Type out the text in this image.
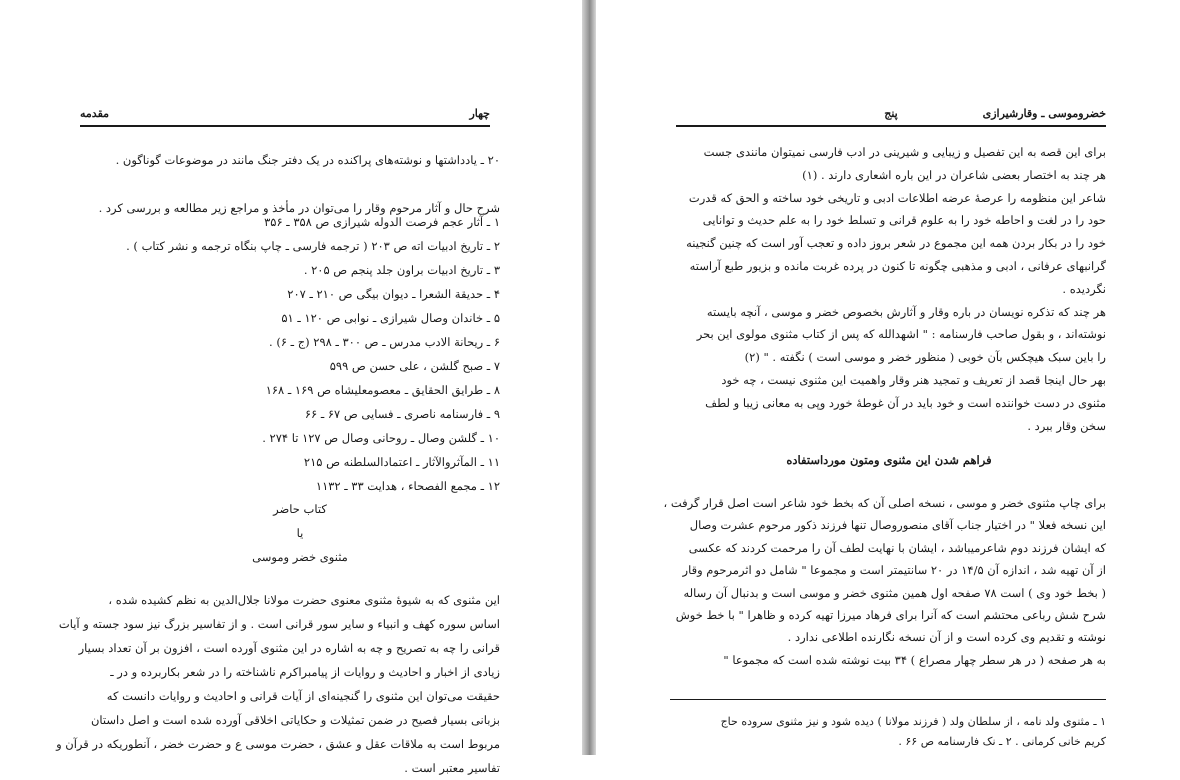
مقدمه	چهار
۲۰ ـ یادداشتها و نوشته‌های پراکنده در یک دفتر جنگ مانند در موضوعات گوناگون .
شرح حال و آثار مرحوم وقار را می‌توان در مأخذ و مراجع زیر مطالعه و بررسی کرد .
۱ ـ آثار عجم فرصت الدوله شیرازی ص ۳۵۸ ـ ۳۵۶
۲ ـ تاریخ ادبیات اته ص ۲۰۳ ( ترجمه فارسی ـ چاپ بنگاه ترجمه و نشر کتاب ) .
۳ ـ تاریخ ادبیات براون جلد پنجم ص ۲۰۵ .
۴ ـ حدیقة الشعرا ـ دیوان بیگی ص ۲۱۰ ـ ۲۰۷
۵ ـ خاندان وصال شیرازی ـ نوابی ص ۱۲۰ ـ ۵۱
۶ ـ ریحانة الادب مدرس ـ ص ۳۰۰ ـ ۲۹۸ (ج ـ ۶) .
۷ ـ صبح گلشن ، علی حسن ص ۵۹۹
۸ ـ طرایق الحقایق ـ معصومعلیشاه ص ۱۶۹ ـ ۱۶۸
۹ ـ فارسنامه ناصری ـ فسایی ص ۶۷ ـ ۶۶
۱۰ ـ گلشن وصال ـ روحانی وصال ص ۱۲۷ تا ۲۷۴ .
۱۱ ـ المآثروالآثار ـ اعتمادالسلطنه ص ۲۱۵
۱۲ ـ مجمع الفصحاء ، هدایت ۳۳ ـ ۱۱۳۲
کتاب حاضر
یا
مثنوی خضر وموسی
این مثنوی که به شیوهٔ مثنوی معنوی حضرت مولانا جلال‌الدین به نظم کشیده شده ،
اساس سوره کهف و انبیاء و سایر سور قرانی است . و از تفاسیر بزرگ نیز سود جسته و آیات
قرانی را چه به تصریح و چه به اشاره در این مثنوی آورده است ، افزون بر آن تعداد بسیار
زیادی از اخبار و احادیث و روایات از پیامبراکرم ناشناخته را در شعر بکاربرده و در ـ
حقیقت می‌توان این مثنوی را گنجینه‌ای از آیات قرانی و احادیث و روایات دانست که
بزبانی بسیار فصیح در ضمن تمثیلات و حکایاتی اخلاقی آورده شده است و اصل داستان
مربوط است به ملاقات عقل و عشق ، حضرت موسی ع و حضرت خضر ، آنطوریکه در قرآن و
تفاسیر معتبر است .
پنج	خضروموسی ـ وقارشیرازی
برای این قصه به این تفصیل و زیبایی و شیرینی در ادب فارسی نمیتوان مانندی جست
هر چند به اختصار بعضی شاعران در این باره اشعاری دارند . (۱)
شاعر این منظومه را عرصهٔ عرضه اطلاعات ادبی و تاریخی خود ساخته و الحق که قدرت
حود را در لغت و احاطه خود را به علوم قرانی و تسلط خود را به علم حدیث و توانایی
خود را در بکار بردن همه این مجموع در شعر بروز داده و تعجب آور است که چنین گنجینه
گرانبهای عرفانی ، ادبی و مذهبی چگونه تا کنون در پرده غربت مانده و بزیور طبع آراسته
نگردیده .
هر چند که تذکره نویسان در باره وقار و آثارش بخصوص خضر و موسی ، آنچه بایسته
نوشته‌اند ، و بقول صاحب فارسنامه : " اشهدالله که پس از کتاب مثنوی مولوی این بحر
را باین سبک هیچکس بآن خوبی ( منظور خضر و موسی است ) نگفته . " (۲)
بهر حال اینجا قصد از تعریف و تمجید هنر وقار واهمیت این مثنوی نیست ، چه خود
مثنوی در دست خواننده است و خود باید در آن غوطهٔ خورد وپی به معانی زیبا و لطف
سخن وقار ببرد .
فراهم شدن این مثنوی ومتون مورداستفاده
برای چاپ مثنوی خضر و موسی ، نسخه اصلی آن که بخط خود شاعر است اصل قرار گرفت ،
این نسخه فعلا " در اختیار جناب آقای منصوروصال تنها فرزند ذکور مرحوم عشرت وصال
که ایشان فرزند دوم شاعرمیباشد ، ایشان با نهایت لطف آن را مرحمت کردند که عکسی
از آن تهیه شد ، اندازه آن ۱۴/۵ در ۲۰ سانتیمتر است و مجموعا " شامل دو اثرمرحوم وقار
( بخط خود وی ) است ۷۸ صفحه اول همین مثنوی خضر و موسی است و بدنبال آن رساله
شرح شش رباعی محتشم است که آنرا برای فرهاد میرزا تهیه کرده و ظاهرا " با خط خوش
نوشته و تقدیم وی کرده است و از آن نسخه نگارنده اطلاعی ندارد .
به هر صفحه ( در هر سطر چهار مصراع ) ۳۴ بیت نوشته شده است که مجموعا "
۱ ـ مثنوی ولد نامه ، از سلطان ولد ( فرزند مولانا ) دیده شود و نیز مثنوی سروده‌ حاج
کریم خانی کرمانی . ۲ ـ نک فارسنامه ص ۶۶ .
